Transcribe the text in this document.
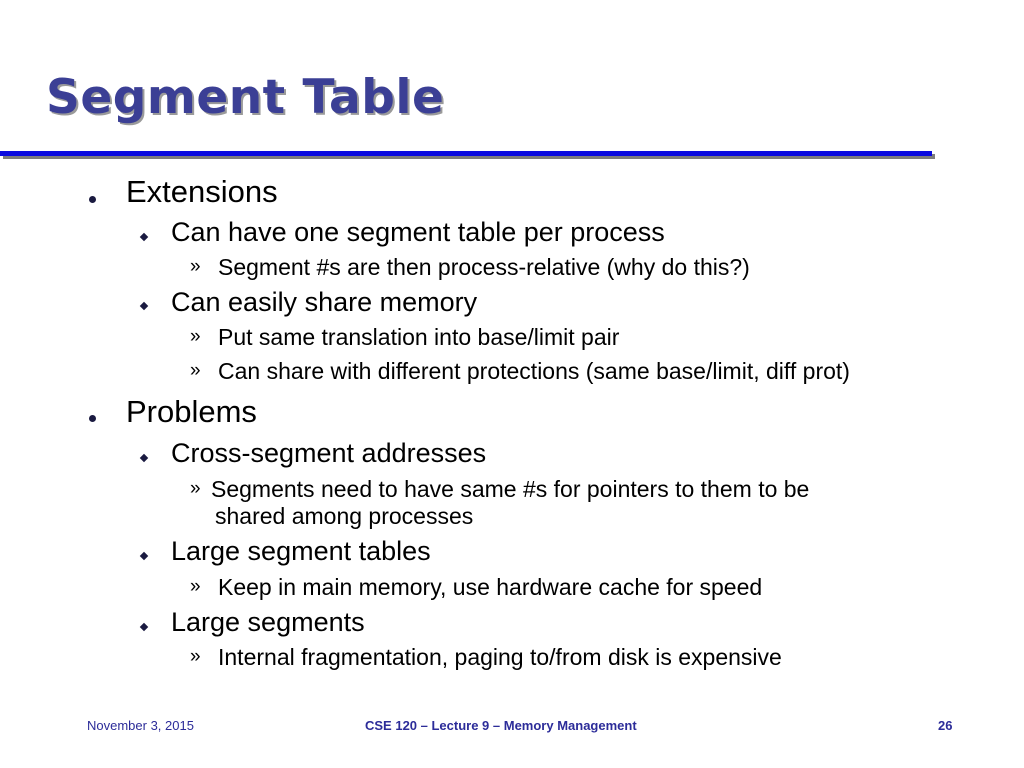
Segment Table
Extensions
Can have one segment table per process
» Segment #s are then process-relative (why do this?)
Can easily share memory
» Put same translation into base/limit pair
» Can share with different protections (same base/limit, diff prot)
Problems
Cross-segment addresses
» Segments need to have same #s for pointers to them to be
shared among processes
Large segment tables
» Keep in main memory, use hardware cache for speed
Large segments
» Internal fragmentation, paging to/from disk is expensive
November 3, 2015	CSE 120 – Lecture 9 – Memory Management	26
